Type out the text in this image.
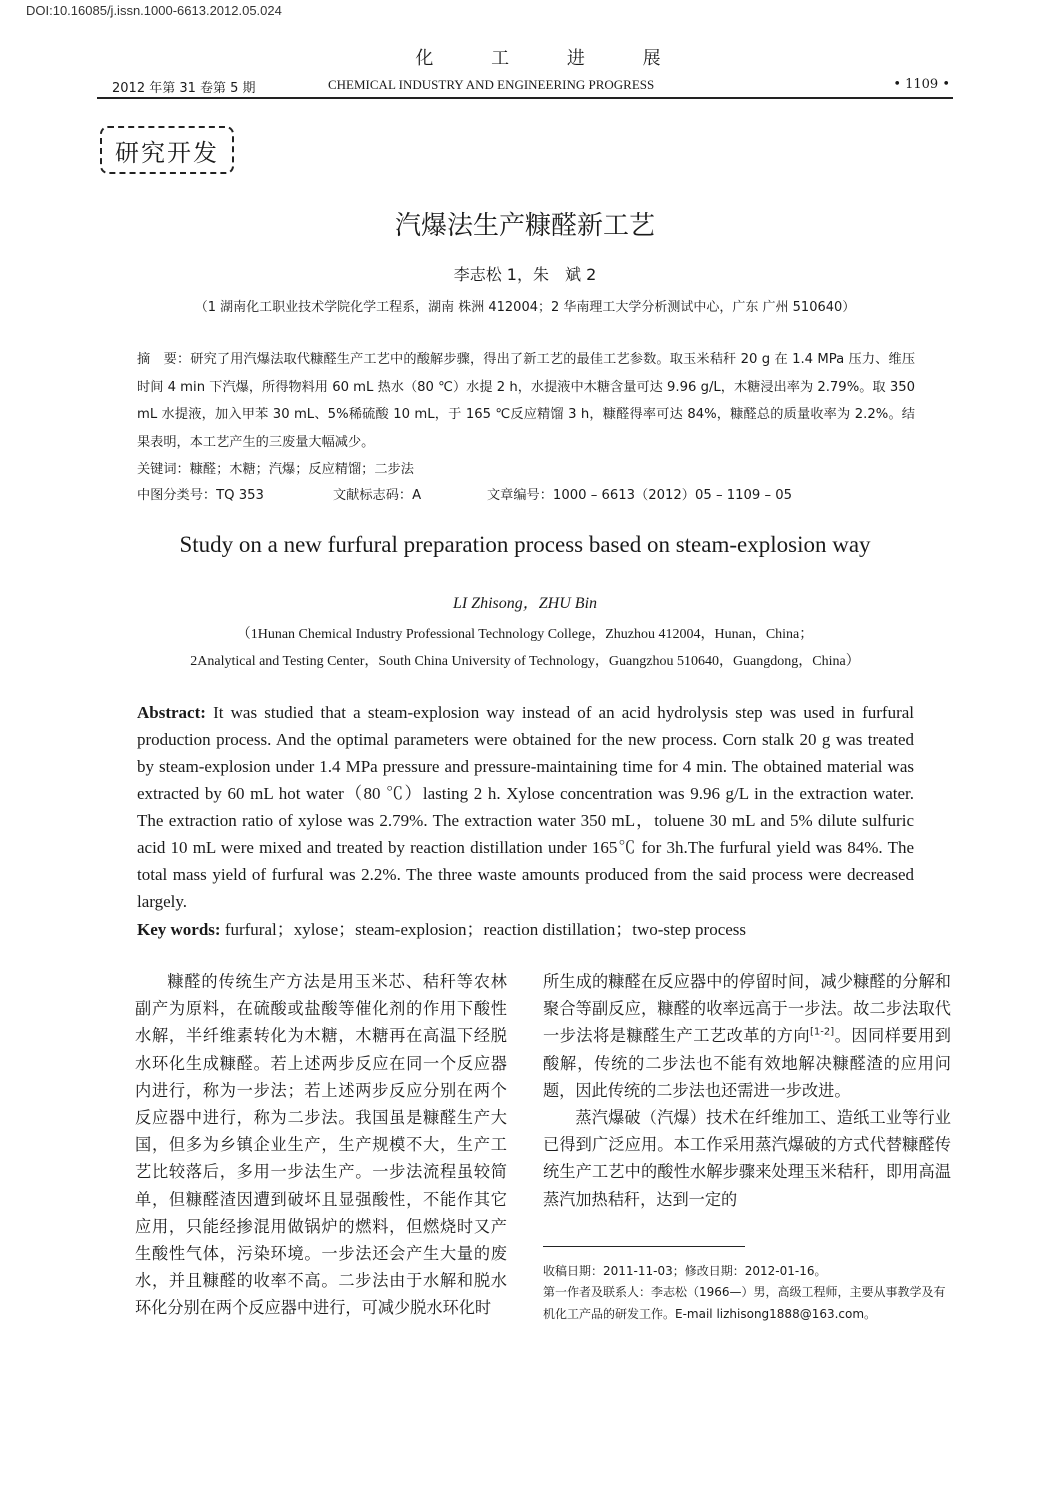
DOI:10.16085/j.issn.1000-6613.2012.05.024
化 工 进 展
2012 年第 31 卷第 5 期	CHEMICAL INDUSTRY AND ENGINEERING PROGRESS	• 1109 •
研究开发
汽爆法生产糠醛新工艺
李志松 1，朱　斌 2
（1 湖南化工职业技术学院化学工程系，湖南 株洲 412004；2 华南理工大学分析测试中心，广东 广州 510640）
摘　要：研究了用汽爆法取代糠醛生产工艺中的酸解步骤，得出了新工艺的最佳工艺参数。取玉米秸秆 20 g 在 1.4 MPa 压力、维压时间 4 min 下汽爆，所得物料用 60 mL 热水（80 ℃）水提 2 h，水提液中木糖含量可达 9.96 g/L，木糖浸出率为 2.79%。取 350 mL 水提液，加入甲苯 30 mL、5%稀硫酸 10 mL，于 165 ℃反应精馏 3 h，糠醛得率可达 84%，糠醛总的质量收率为 2.2%。结果表明，本工艺产生的三废量大幅减少。
关键词：糠醛；木糖；汽爆；反应精馏；二步法
中图分类号：TQ 353	文献标志码：A	文章编号：1000 – 6613（2012）05 – 1109 – 05
Study on a new furfural preparation process based on steam-explosion way
LI Zhisong，ZHU Bin
（1Hunan Chemical Industry Professional Technology College，Zhuzhou 412004，Hunan，China；
2Analytical and Testing Center，South China University of Technology，Guangzhou 510640，Guangdong，China）
Abstract: It was studied that a steam-explosion way instead of an acid hydrolysis step was used in furfural production process. And the optimal parameters were obtained for the new process. Corn stalk 20 g was treated by steam-explosion under 1.4 MPa pressure and pressure-maintaining time for 4 min. The obtained material was extracted by 60 mL hot water（80 ℃）lasting 2 h. Xylose concentration was 9.96 g/L in the extraction water. The extraction ratio of xylose was 2.79%. The extraction water 350 mL，toluene 30 mL and 5% dilute sulfuric acid 10 mL were mixed and treated by reaction distillation under 165℃ for 3h.The furfural yield was 84%. The total mass yield of furfural was 2.2%. The three waste amounts produced from the said process were decreased largely.
Key words: furfural；xylose；steam-explosion；reaction distillation；two-step process

糠醛的传统生产方法是用玉米芯、秸秆等农林副产为原料，在硫酸或盐酸等催化剂的作用下酸性水解，半纤维素转化为木糖，木糖再在高温下经脱水环化生成糠醛。若上述两步反应在同一个反应器内进行，称为一步法；若上述两步反应分别在两个反应器中进行，称为二步法。我国虽是糠醛生产大国，但多为乡镇企业生产，生产规模不大，生产工艺比较落后，多用一步法生产。一步法流程虽较简单，但糠醛渣因遭到破坏且显强酸性，不能作其它应用，只能经掺混用做锅炉的燃料，但燃烧时又产生酸性气体，污染环境。一步法还会产生大量的废水，并且糠醛的收率不高。二步法由于水解和脱水环化分别在两个反应器中进行，可减少脱水环化时

所生成的糠醛在反应器中的停留时间，减少糠醛的分解和聚合等副反应，糠醛的收率远高于一步法。故二步法取代一步法将是糠醛生产工艺改革的方向[1-2]。因同样要用到酸解，传统的二步法也不能有效地解决糠醛渣的应用问题，因此传统的二步法也还需进一步改进。

蒸汽爆破（汽爆）技术在纤维加工、造纸工业等行业已得到广泛应用。本工作采用蒸汽爆破的方式代替糠醛传统生产工艺中的酸性水解步骤来处理玉米秸秆，即用高温蒸汽加热秸秆，达到一定的

收稿日期：2011-11-03；修改日期：2012-01-16。
第一作者及联系人：李志松（1966—）男，高级工程师，主要从事教学及有机化工产品的研发工作。E-mail lizhisong1888@163.com。
